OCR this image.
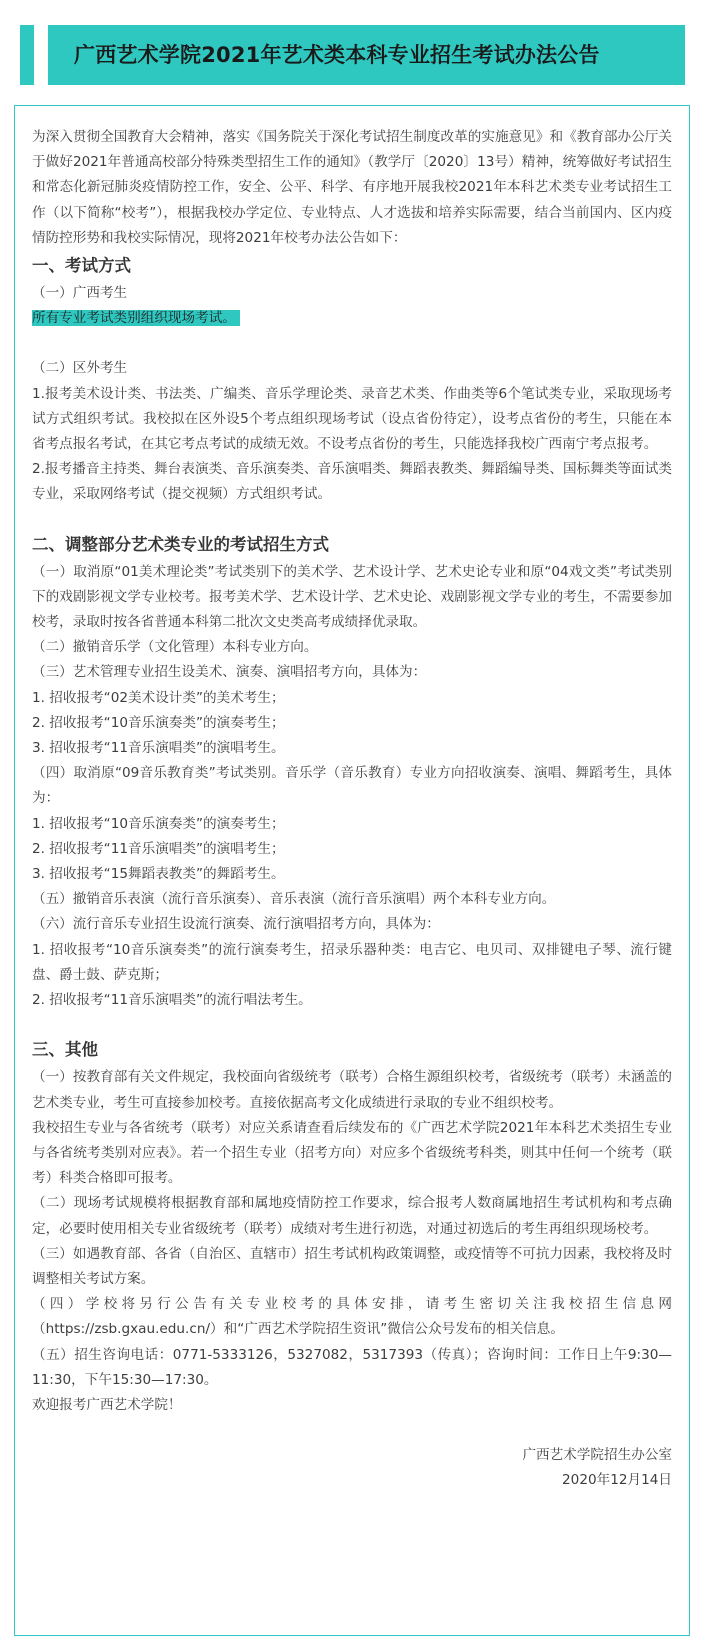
广西艺术学院2021年艺术类本科专业招生考试办法公告

为深入贯彻全国教育大会精神，落实《国务院关于深化考试招生制度改革的实施意见》和《教育部办公厅关于做好2021年普通高校部分特殊类型招生工作的通知》（教学厅〔2020〕13号）精神，统筹做好考试招生和常态化新冠肺炎疫情防控工作，安全、公平、科学、有序地开展我校2021年本科艺术类专业考试招生工作（以下简称“校考”），根据我校办学定位、专业特点、人才选拔和培养实际需要，结合当前国内、区内疫情防控形势和我校实际情况，现将2021年校考办法公告如下：

一、考试方式

（一）广西考生

所有专业考试类别组织现场考试。

（二）区外考生

1.报考美术设计类、书法类、广编类、音乐学理论类、录音艺术类、作曲类等6个笔试类专业，采取现场考试方式组织考试。我校拟在区外设5个考点组织现场考试（设点省份待定），设考点省份的考生，只能在本省考点报名考试，在其它考点考试的成绩无效。不设考点省份的考生，只能选择我校广西南宁考点报考。

2.报考播音主持类、舞台表演类、音乐演奏类、音乐演唱类、舞蹈表教类、舞蹈编导类、国标舞类等面试类专业，采取网络考试（提交视频）方式组织考试。

二、调整部分艺术类专业的考试招生方式

（一）取消原“01美术理论类”考试类别下的美术学、艺术设计学、艺术史论专业和原“04戏文类”考试类别下的戏剧影视文学专业校考。报考美术学、艺术设计学、艺术史论、戏剧影视文学专业的考生，不需要参加校考，录取时按各省普通本科第二批次文史类高考成绩择优录取。

（二）撤销音乐学（文化管理）本科专业方向。

（三）艺术管理专业招生设美术、演奏、演唱招考方向，具体为：

1. 招收报考“02美术设计类”的美术考生；

2. 招收报考“10音乐演奏类”的演奏考生；

3. 招收报考“11音乐演唱类”的演唱考生。

（四）取消原“09音乐教育类”考试类别。音乐学（音乐教育）专业方向招收演奏、演唱、舞蹈考生，具体为：

1. 招收报考“10音乐演奏类”的演奏考生；

2. 招收报考“11音乐演唱类”的演唱考生；

3. 招收报考“15舞蹈表教类”的舞蹈考生。

（五）撤销音乐表演（流行音乐演奏）、音乐表演（流行音乐演唱）两个本科专业方向。

（六）流行音乐专业招生设流行演奏、流行演唱招考方向，具体为：

1. 招收报考“10音乐演奏类”的流行演奏考生，招录乐器种类：电吉它、电贝司、双排键电子琴、流行键盘、爵士鼓、萨克斯；

2. 招收报考“11音乐演唱类”的流行唱法考生。

三、其他

（一）按教育部有关文件规定，我校面向省级统考（联考）合格生源组织校考，省级统考（联考）未涵盖的艺术类专业，考生可直接参加校考。直接依据高考文化成绩进行录取的专业不组织校考。

我校招生专业与各省统考（联考）对应关系请查看后续发布的《广西艺术学院2021年本科艺术类招生专业与各省统考类别对应表》。若一个招生专业（招考方向）对应多个省级统考科类，则其中任何一个统考（联考）科类合格即可报考。

（二）现场考试规模将根据教育部和属地疫情防控工作要求，综合报考人数商属地招生考试机构和考点确定，必要时使用相关专业省级统考（联考）成绩对考生进行初选，对通过初选后的考生再组织现场校考。

（三）如遇教育部、各省（自治区、直辖市）招生考试机构政策调整，或疫情等不可抗力因素，我校将及时调整相关考试方案。

（四）学校将另行公告有关专业校考的具体安排，请考生密切关注我校招生信息网（https://zsb.gxau.edu.cn/）和“广西艺术学院招生资讯”微信公众号发布的相关信息。

（五）招生咨询电话：0771-5333126，5327082，5317393（传真）；咨询时间：工作日上午9:30—11:30，下午15:30—17:30。

欢迎报考广西艺术学院！

广西艺术学院招生办公室

2020年12月14日
